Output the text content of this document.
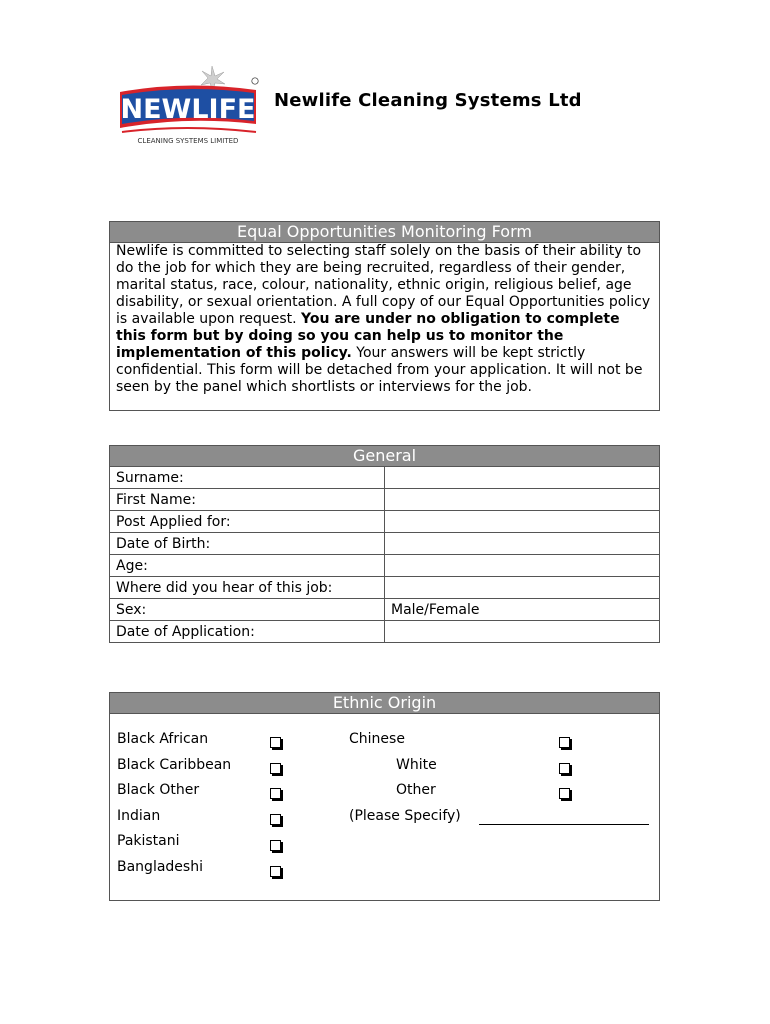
NEWLIFE
CLEANING SYSTEMS LIMITED
Newlife Cleaning Systems Ltd
Equal Opportunities Monitoring Form
Newlife is committed to selecting staff solely on the basis of their ability to do the job for which they are being recruited, regardless of their gender, marital status, race, colour, nationality, ethnic origin, religious belief, age disability, or sexual orientation. A full copy of our Equal Opportunities policy is available upon request. You are under no obligation to complete this form but by doing so you can help us to monitor the implementation of this policy. Your answers will be kept strictly confidential. This form will be detached from your application. It will not be seen by the panel which shortlists or interviews for the job.
General
Surname:	
First Name:	
Post Applied for:	
Date of Birth:	
Age:	
Where did you hear of this job:	
Sex:	Male/Female
Date of Application:	
Ethnic Origin
Black African
Black Caribbean
Black Other
Indian
Pakistani
Bangladeshi
Chinese
White
Other
(Please Specify)
